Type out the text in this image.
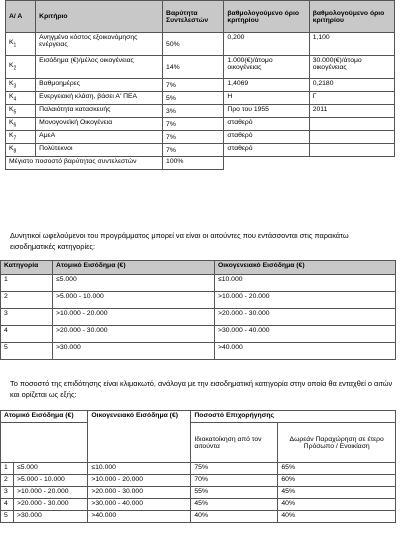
Α/ Α	Κριτήριο	Βαρύτητα Συντελεστών	βαθμολογούμενο όριο κριτηρίου	βαθμολογούμενο όριο κριτηρίου
$K_1$	Ανηγμένο κόστος εξοικονόμησης ενέργειας	50%	0,200	1,100
$K_2$	Εισόδημα (€)/μέλος οικογένειας	14%	1.000(€)/άτομο οικογένειας	30.000(€)/άτομο οικογένειας
$K_3$	Βαθμοημέρες	7%	1,4069	0,2180
$K_4$	Ενεργειακή κλάση, βάσει Α' ΠΕΑ	5%	Η	Γ
$K_5$	Παλαιότητα κατασκευής	3%	Προ του 1955	2011
$K_6$	Μονογονεϊκή Οικογένεια	7%	σταθερό	
$K_7$	ΑμεΑ	7%	σταθερό	
$K_8$	Πολύτεκνοι	7%	σταθερό	
Μέγιστο ποσοστό βαρύτητας συντελεστών		100%		

Δυνητικοί ωφελούμενοι του προγράμματος μπορεί να είναι οι αιτούντες που εντάσσονται στις παρακάτω εισοδηματικές κατηγορίες:

Κατηγορία	Ατομικό Εισόδημα (€)	Οικογενειακό Εισόδημα (€)
1	≤5.000	≤10.000
2	>5.000 - 10.000	>10.000 - 20.000
3	>10.000 - 20.000	>20.000 - 30.000
4	>20.000 - 30.000	>30.000 - 40.000
5	>30.000	>40.000

Το ποσοστό της επιδότησης είναι κλιμακωτό, ανάλογα με την εισοδηματική κατηγορία στην οποία θα ενταχθεί ο αιτών και ορίζεται ως εξής:

Ατομικό Εισόδημα (€)		Οικογενειακό Εισόδημα (€)	Ποσοστό Επιχορήγησης	
			Ιδιοκατοίκηση από τον αιτούντα	Δωρεάν Παραχώρηση σε έτερο Πρόσωπο / Ενοικίαση
1	≤5.000	≤10.000	75%	65%
2	>5.000 - 10.000	>10.000 - 20.000	70%	60%
3	>10.000 - 20.000	>20.000 - 30.000	55%	45%
4	>20.000 - 30.000	>30.000 - 40.000	45%	40%
5	>30.000	>40.000	40%	40%
